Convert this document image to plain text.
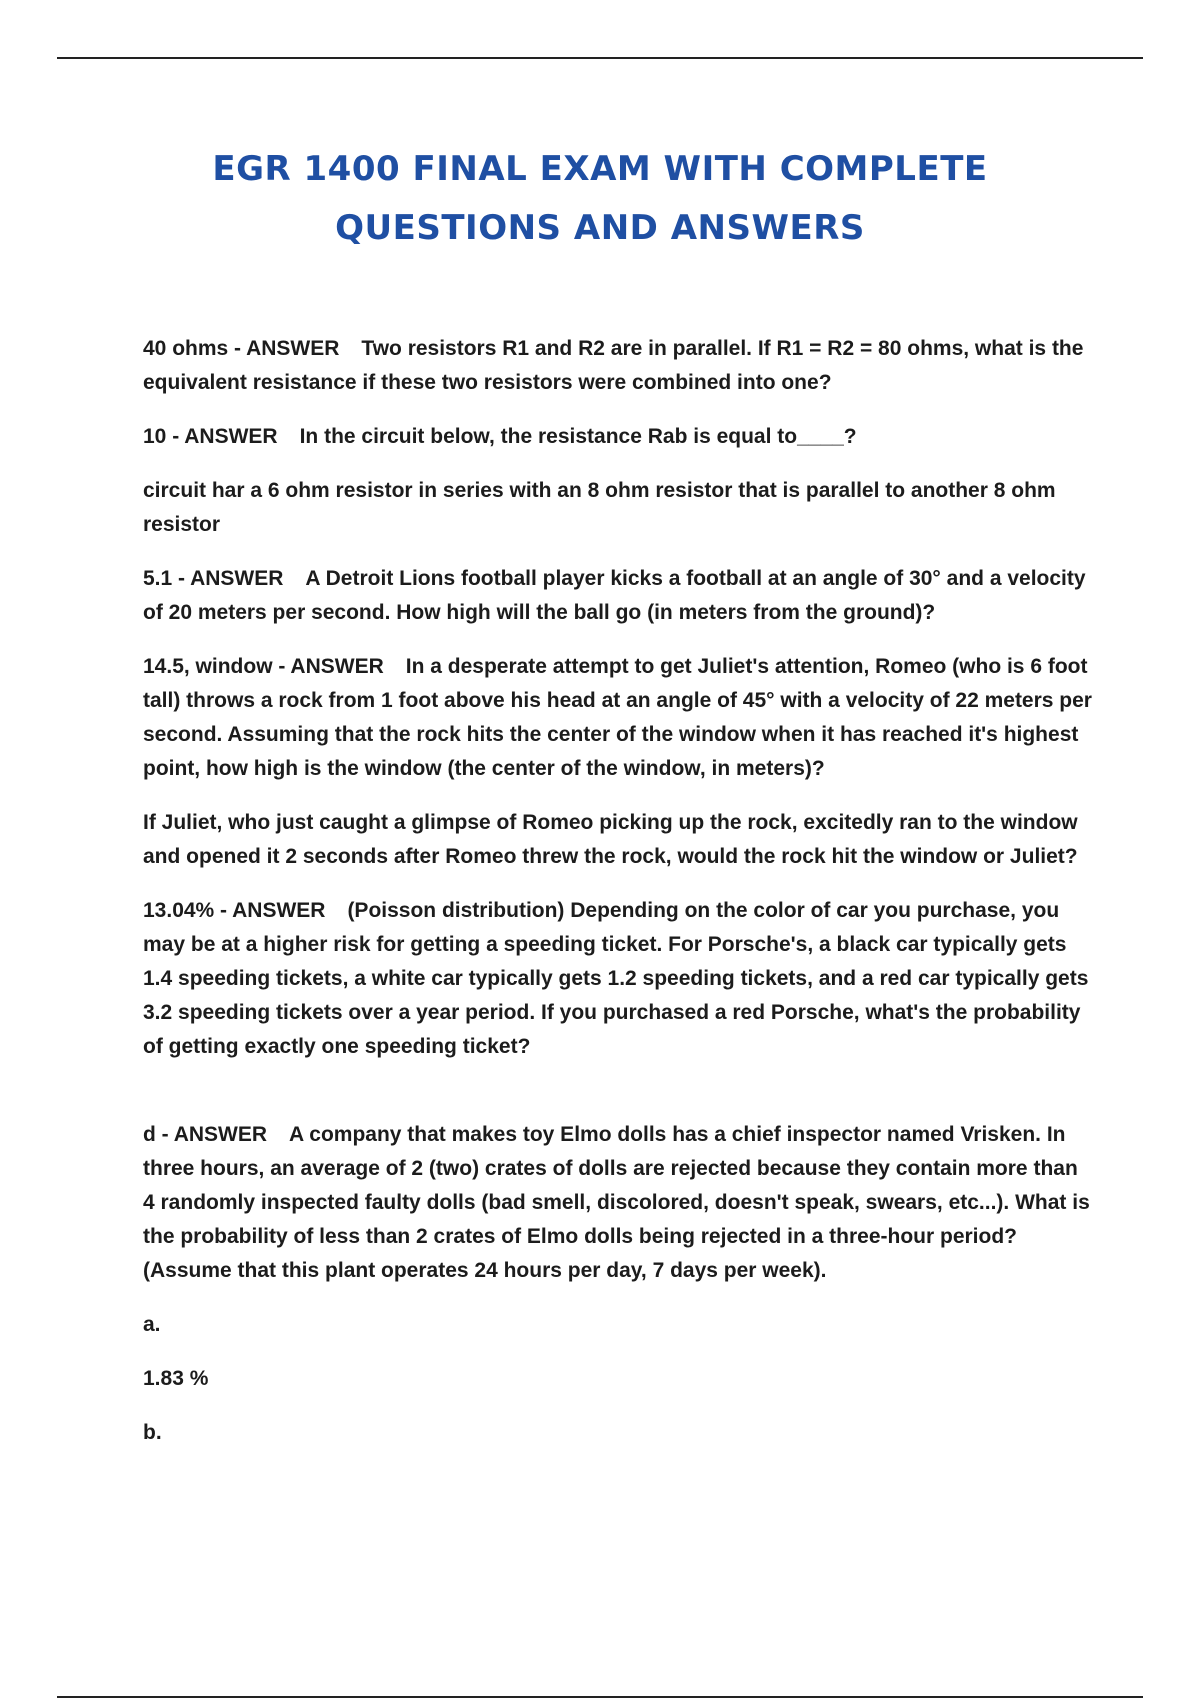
EGR 1400 FINAL EXAM WITH COMPLETE
QUESTIONS AND ANSWERS

40 ohms - ANSWER Two resistors R1 and R2 are in parallel. If R1 = R2 = 80 ohms, what is the equivalent resistance if these two resistors were combined into one?

10 - ANSWER In the circuit below, the resistance Rab is equal to____?

circuit har a 6 ohm resistor in series with an 8 ohm resistor that is parallel to another 8 ohm resistor

5.1 - ANSWER A Detroit Lions football player kicks a football at an angle of 30° and a velocity of 20 meters per second. How high will the ball go (in meters from the ground)?

14.5, window - ANSWER In a desperate attempt to get Juliet's attention, Romeo (who is 6 foot tall) throws a rock from 1 foot above his head at an angle of 45° with a velocity of 22 meters per second. Assuming that the rock hits the center of the window when it has reached it's highest point, how high is the window (the center of the window, in meters)?

If Juliet, who just caught a glimpse of Romeo picking up the rock, excitedly ran to the window and opened it 2 seconds after Romeo threw the rock, would the rock hit the window or Juliet?

13.04% - ANSWER (Poisson distribution) Depending on the color of car you purchase, you may be at a higher risk for getting a speeding ticket. For Porsche's, a black car typically gets 1.4 speeding tickets, a white car typically gets 1.2 speeding tickets, and a red car typically gets 3.2 speeding tickets over a year period. If you purchased a red Porsche, what's the probability of getting exactly one speeding ticket?

d - ANSWER A company that makes toy Elmo dolls has a chief inspector named Vrisken. In three hours, an average of 2 (two) crates of dolls are rejected because they contain more than 4 randomly inspected faulty dolls (bad smell, discolored, doesn't speak, swears, etc...). What is the probability of less than 2 crates of Elmo dolls being rejected in a three-hour period? (Assume that this plant operates 24 hours per day, 7 days per week).

a.

1.83 %

b.
